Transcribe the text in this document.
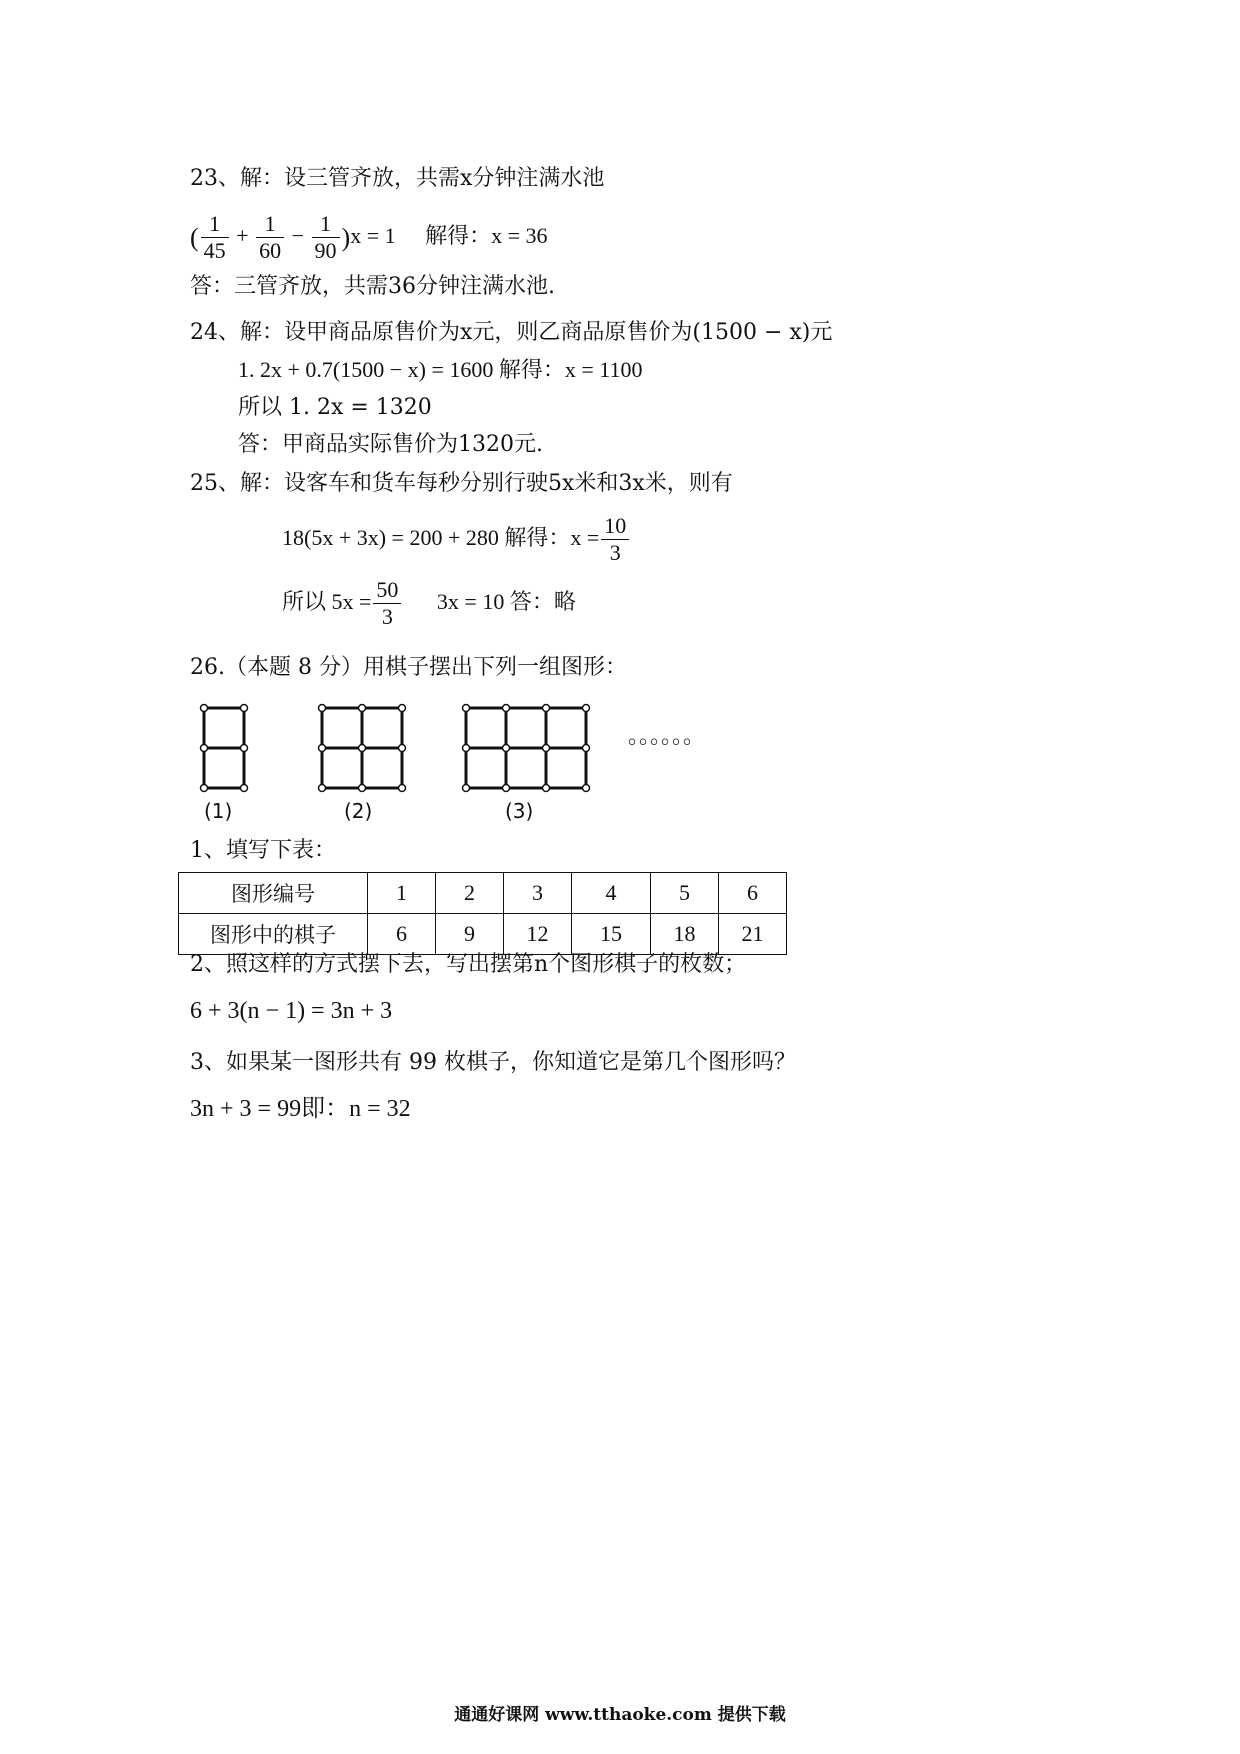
23、解：设三管齐放，共需x分钟注满水池
( $\frac{1}{45} + \frac{1}{60} - \frac{1}{90} )x = 1$ 解得：x = 36
答：三管齐放，共需36分钟注满水池.
24、解：设甲商品原售价为x元，则乙商品原售价为(1500 − x)元
1. 2x + 0.7(1500 − x) = 1600 解得：x = 1100
所以 1. 2x = 1320
答：甲商品实际售价为1320元.
25、解：设客车和货车每秒分别行驶5x米和3x米，则有
18(5x + 3x) = 200 + 280 解得：$x = \frac{10}{3}$
所以 $5x = \frac{50}{3} 3x = 10$ 答：略
26.（本题 8 分）用棋子摆出下列一组图形：
(1)	(2)	(3)
。。。。。。
1、填写下表：
图形编号	1	2	3	4	5	6
图形中的棋子	6	9	12	15	18	21
2、照这样的方式摆下去，写出摆第n个图形棋子的枚数；
6 + 3(n − 1) = 3n + 3
3、如果某一图形共有 99 枚棋子，你知道它是第几个图形吗？
3n + 3 = 99即：n = 32
通通好课网 www.tthaoke.com 提供下载
